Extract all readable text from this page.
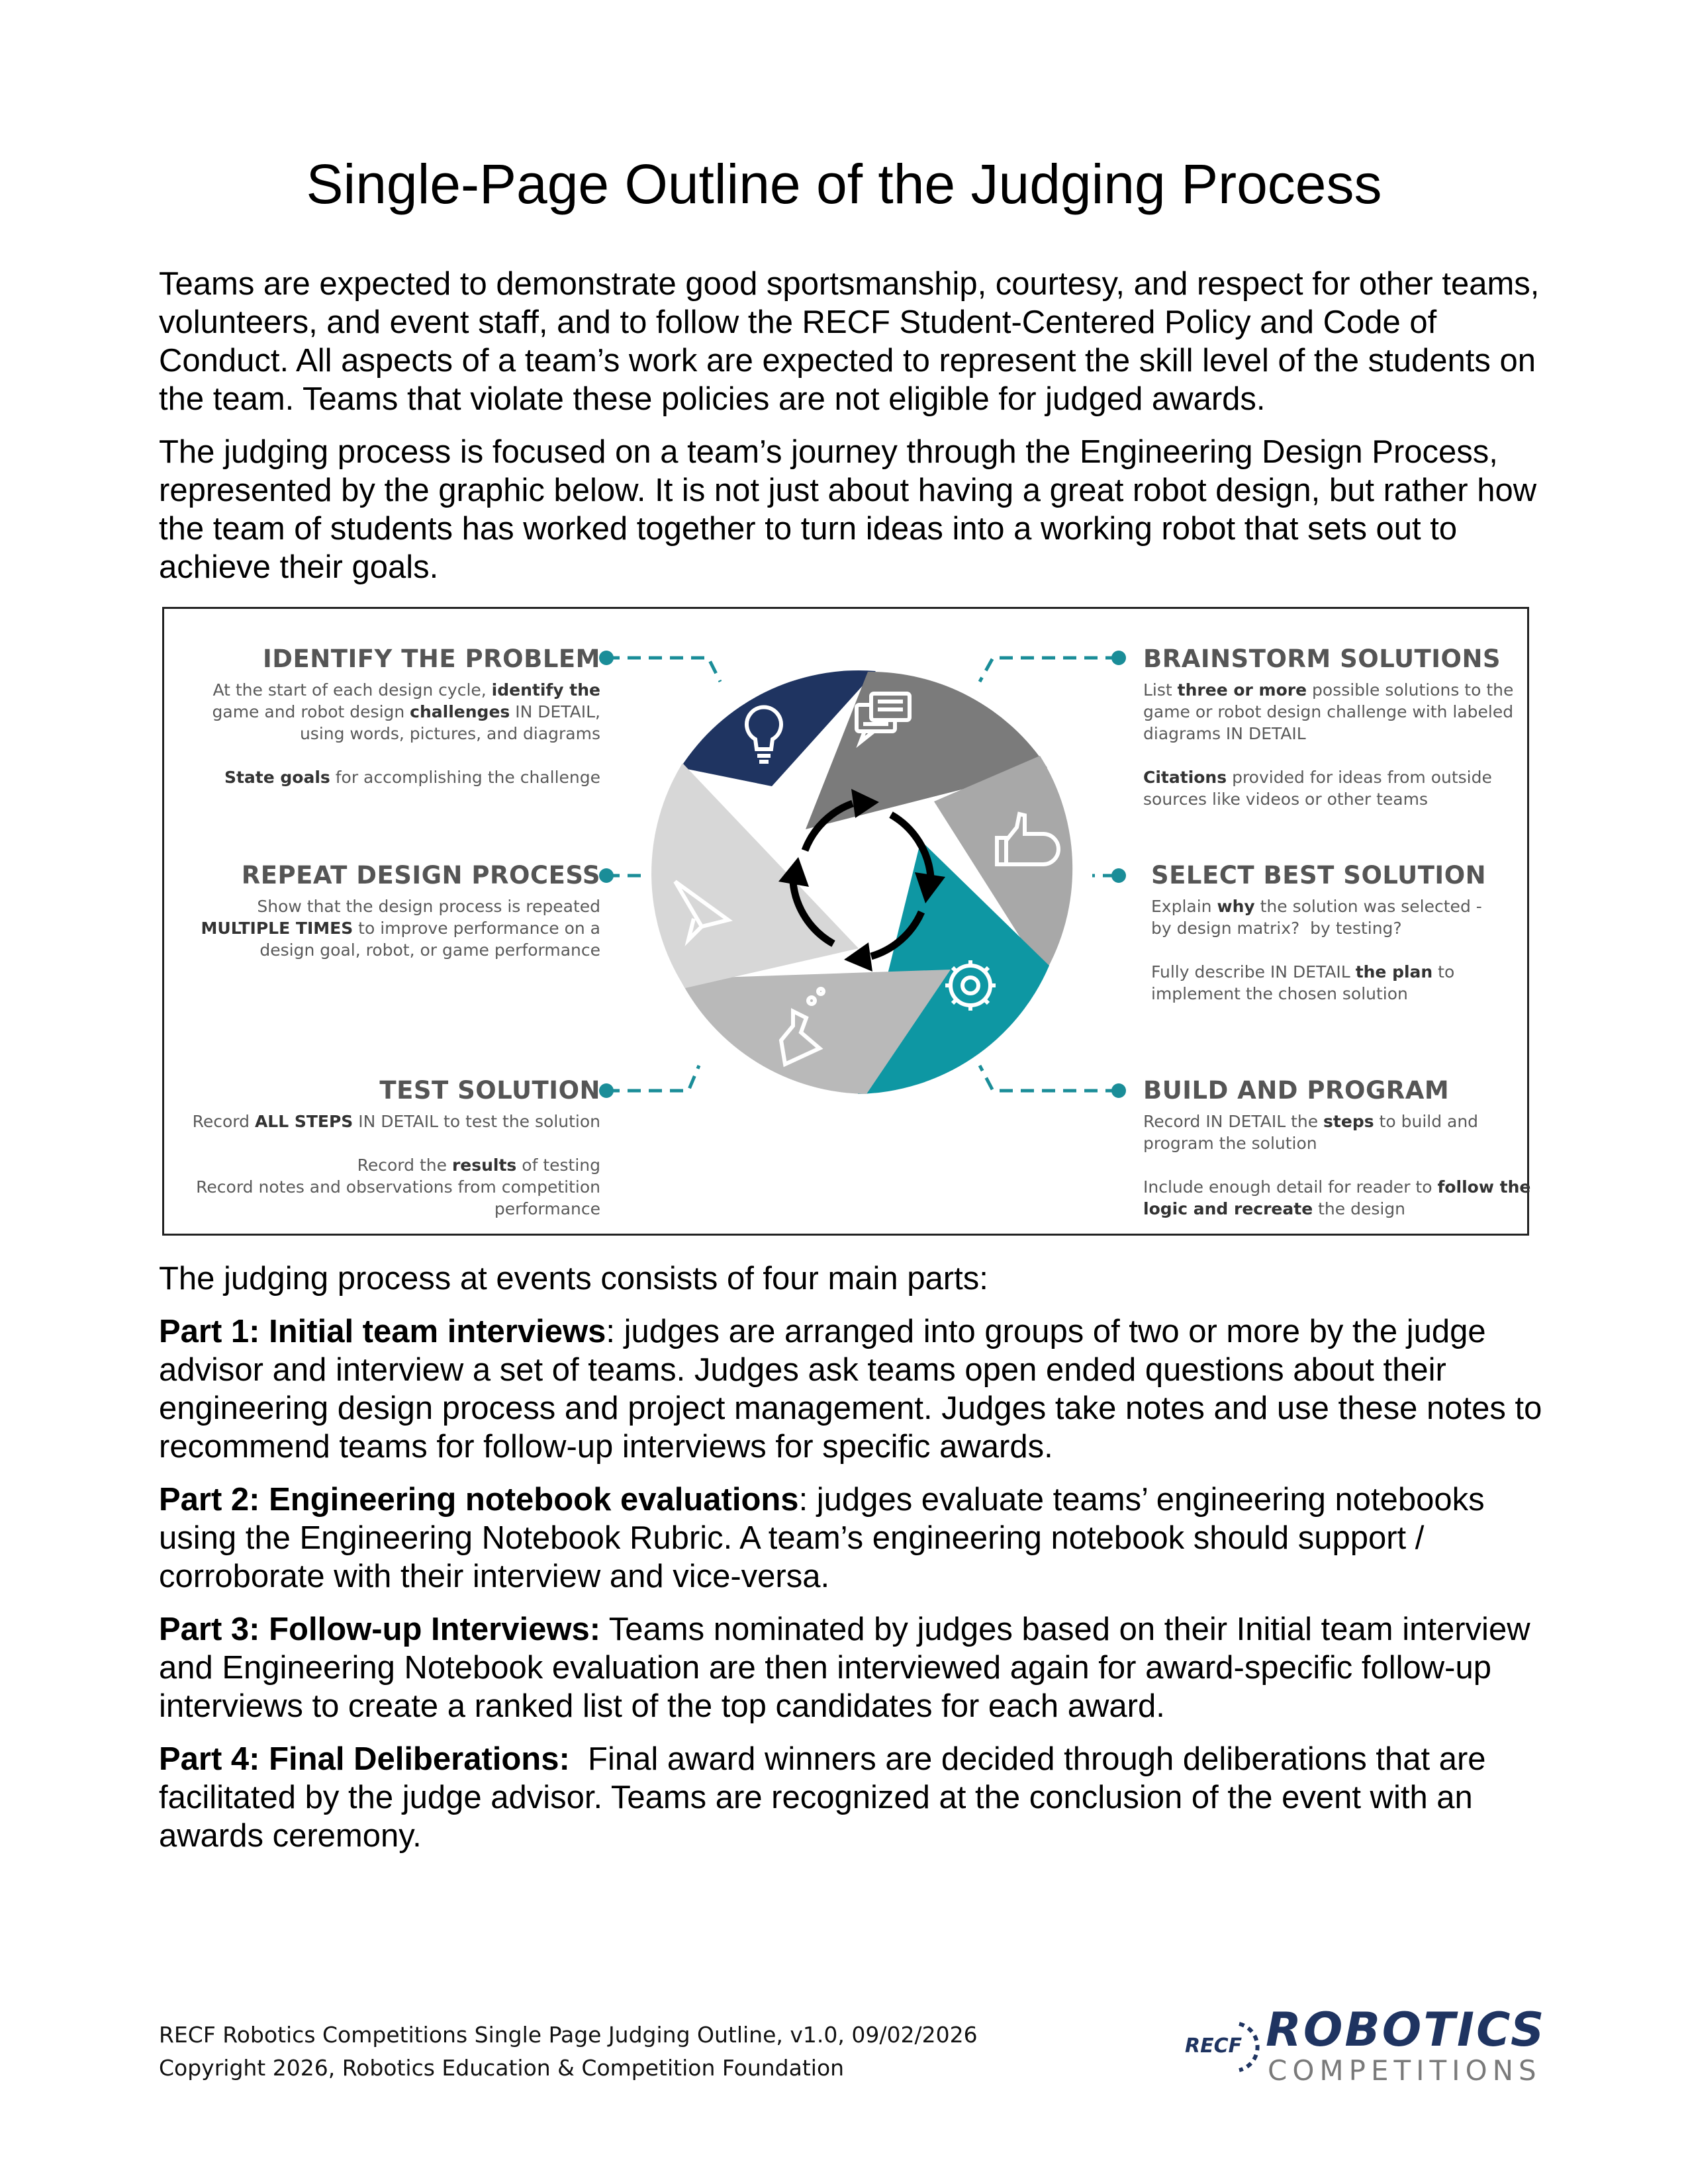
Single-Page Outline of the Judging Process

Teams are expected to demonstrate good sportsmanship, courtesy, and respect for other teams, volunteers, and event staff, and to follow the RECF Student-Centered Policy and Code of Conduct. All aspects of a team’s work are expected to represent the skill level of the students on the team. Teams that violate these policies are not eligible for judged awards.

The judging process is focused on a team’s journey through the Engineering Design Process, represented by the graphic below. It is not just about having a great robot design, but rather how the team of students has worked together to turn ideas into a working robot that sets out to achieve their goals.

IDENTIFY THE PROBLEM
At the start of each design cycle, identify the
game and robot design challenges IN DETAIL,
using words, pictures, and diagrams
State goals for accomplishing the challenge
BRAINSTORM SOLUTIONS
List three or more possible solutions to the
game or robot design challenge with labeled
diagrams IN DETAIL
Citations provided for ideas from outside
sources like videos or other teams
REPEAT DESIGN PROCESS
Show that the design process is repeated
MULTIPLE TIMES to improve performance on a
design goal, robot, or game performance
SELECT BEST SOLUTION
Explain why the solution was selected -
by design matrix?  by testing?
Fully describe IN DETAIL the plan to
implement the chosen solution
TEST SOLUTION
Record ALL STEPS IN DETAIL to test the solution
Record the results of testing
Record notes and observations from competition
performance
BUILD AND PROGRAM
Record IN DETAIL the steps to build and
program the solution
Include enough detail for reader to follow the
logic and recreate the design

The judging process at events consists of four main parts:

Part 1: Initial team interviews: judges are arranged into groups of two or more by the judge advisor and interview a set of teams. Judges ask teams open ended questions about their engineering design process and project management. Judges take notes and use these notes to recommend teams for follow-up interviews for specific awards.

Part 2: Engineering notebook evaluations: judges evaluate teams’ engineering notebooks using the Engineering Notebook Rubric. A team’s engineering notebook should support / corroborate with their interview and vice-versa.

Part 3: Follow-up Interviews: Teams nominated by judges based on their Initial team interview and Engineering Notebook evaluation are then interviewed again for award-specific follow-up interviews to create a ranked list of the top candidates for each award.

Part 4: Final Deliberations: Final award winners are decided through deliberations that are facilitated by the judge advisor. Teams are recognized at the conclusion of the event with an awards ceremony.

RECF Robotics Competitions Single Page Judging Outline, v1.0, 09/02/2026
Copyright 2026, Robotics Education & Competition Foundation
RECF ROBOTICS
COMPETITIONS
